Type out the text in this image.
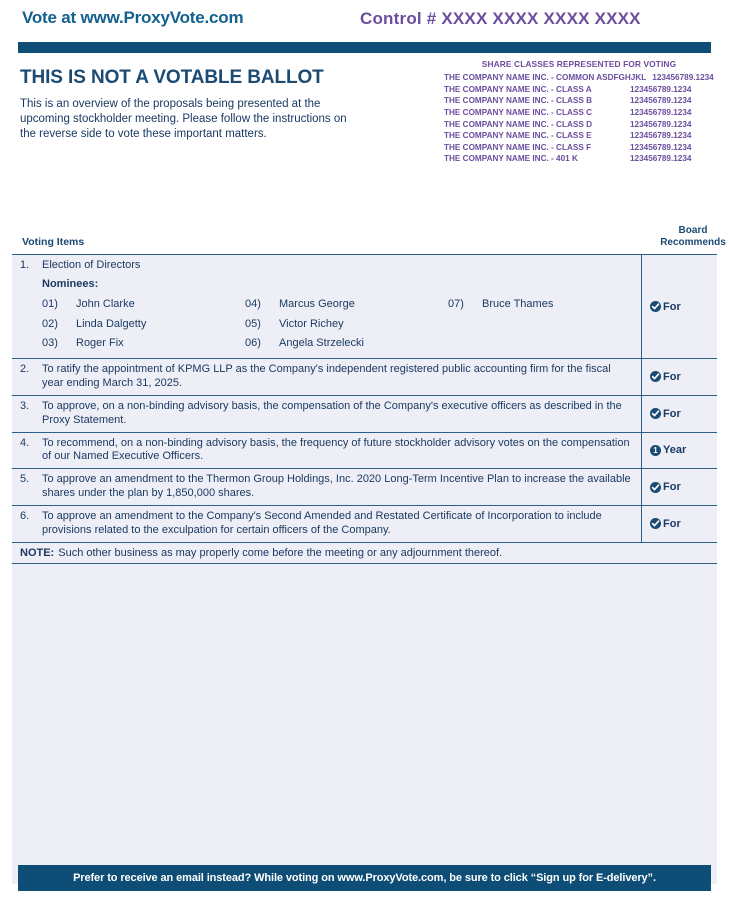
Vote at www.ProxyVote.com	Control # XXXX XXXX XXXX XXXX
THIS IS NOT A VOTABLE BALLOT
This is an overview of the proposals being presented at the upcoming stockholder meeting. Please follow the instructions on the reverse side to vote these important matters.
SHARE CLASSES REPRESENTED FOR VOTING
THE COMPANY NAME INC. - COMMON ASDFGHJKL 123456789.1234
THE COMPANY NAME INC. - CLASS A	123456789.1234
THE COMPANY NAME INC. - CLASS B	123456789.1234
THE COMPANY NAME INC. - CLASS C	123456789.1234
THE COMPANY NAME INC. - CLASS D	123456789.1234
THE COMPANY NAME INC. - CLASS E	123456789.1234
THE COMPANY NAME INC. - CLASS F	123456789.1234
THE COMPANY NAME INC. - 401 K	123456789.1234
Voting Items
Board
Recommends
1.	Election of Directors
Nominees:
01)	John Clarke
02)	Linda Dalgetty
03)	Roger Fix
04)	Marcus George
05)	Victor Richey
06)	Angela Strzelecki
07)	Bruce Thames	For
2.	To ratify the appointment of KPMG LLP as the Company's independent registered public accounting firm for the fiscal year ending March 31, 2025.	For
3.	To approve, on a non-binding advisory basis, the compensation of the Company's executive officers as described in the Proxy Statement.	For
4.	To recommend, on a non-binding advisory basis, the frequency of future stockholder advisory votes on the compensation of our Named Executive Officers.	1 Year
5.	To approve an amendment to the Thermon Group Holdings, Inc. 2020 Long-Term Incentive Plan to increase the available shares under the plan by 1,850,000 shares.	For
6.	To approve an amendment to the Company's Second Amended and Restated Certificate of Incorporation to include provisions related to the exculpation for certain officers of the Company.	For
NOTE: Such other business as may properly come before the meeting or any adjournment thereof.
Prefer to receive an email instead? While voting on www.ProxyVote.com, be sure to click “Sign up for E-delivery”.
